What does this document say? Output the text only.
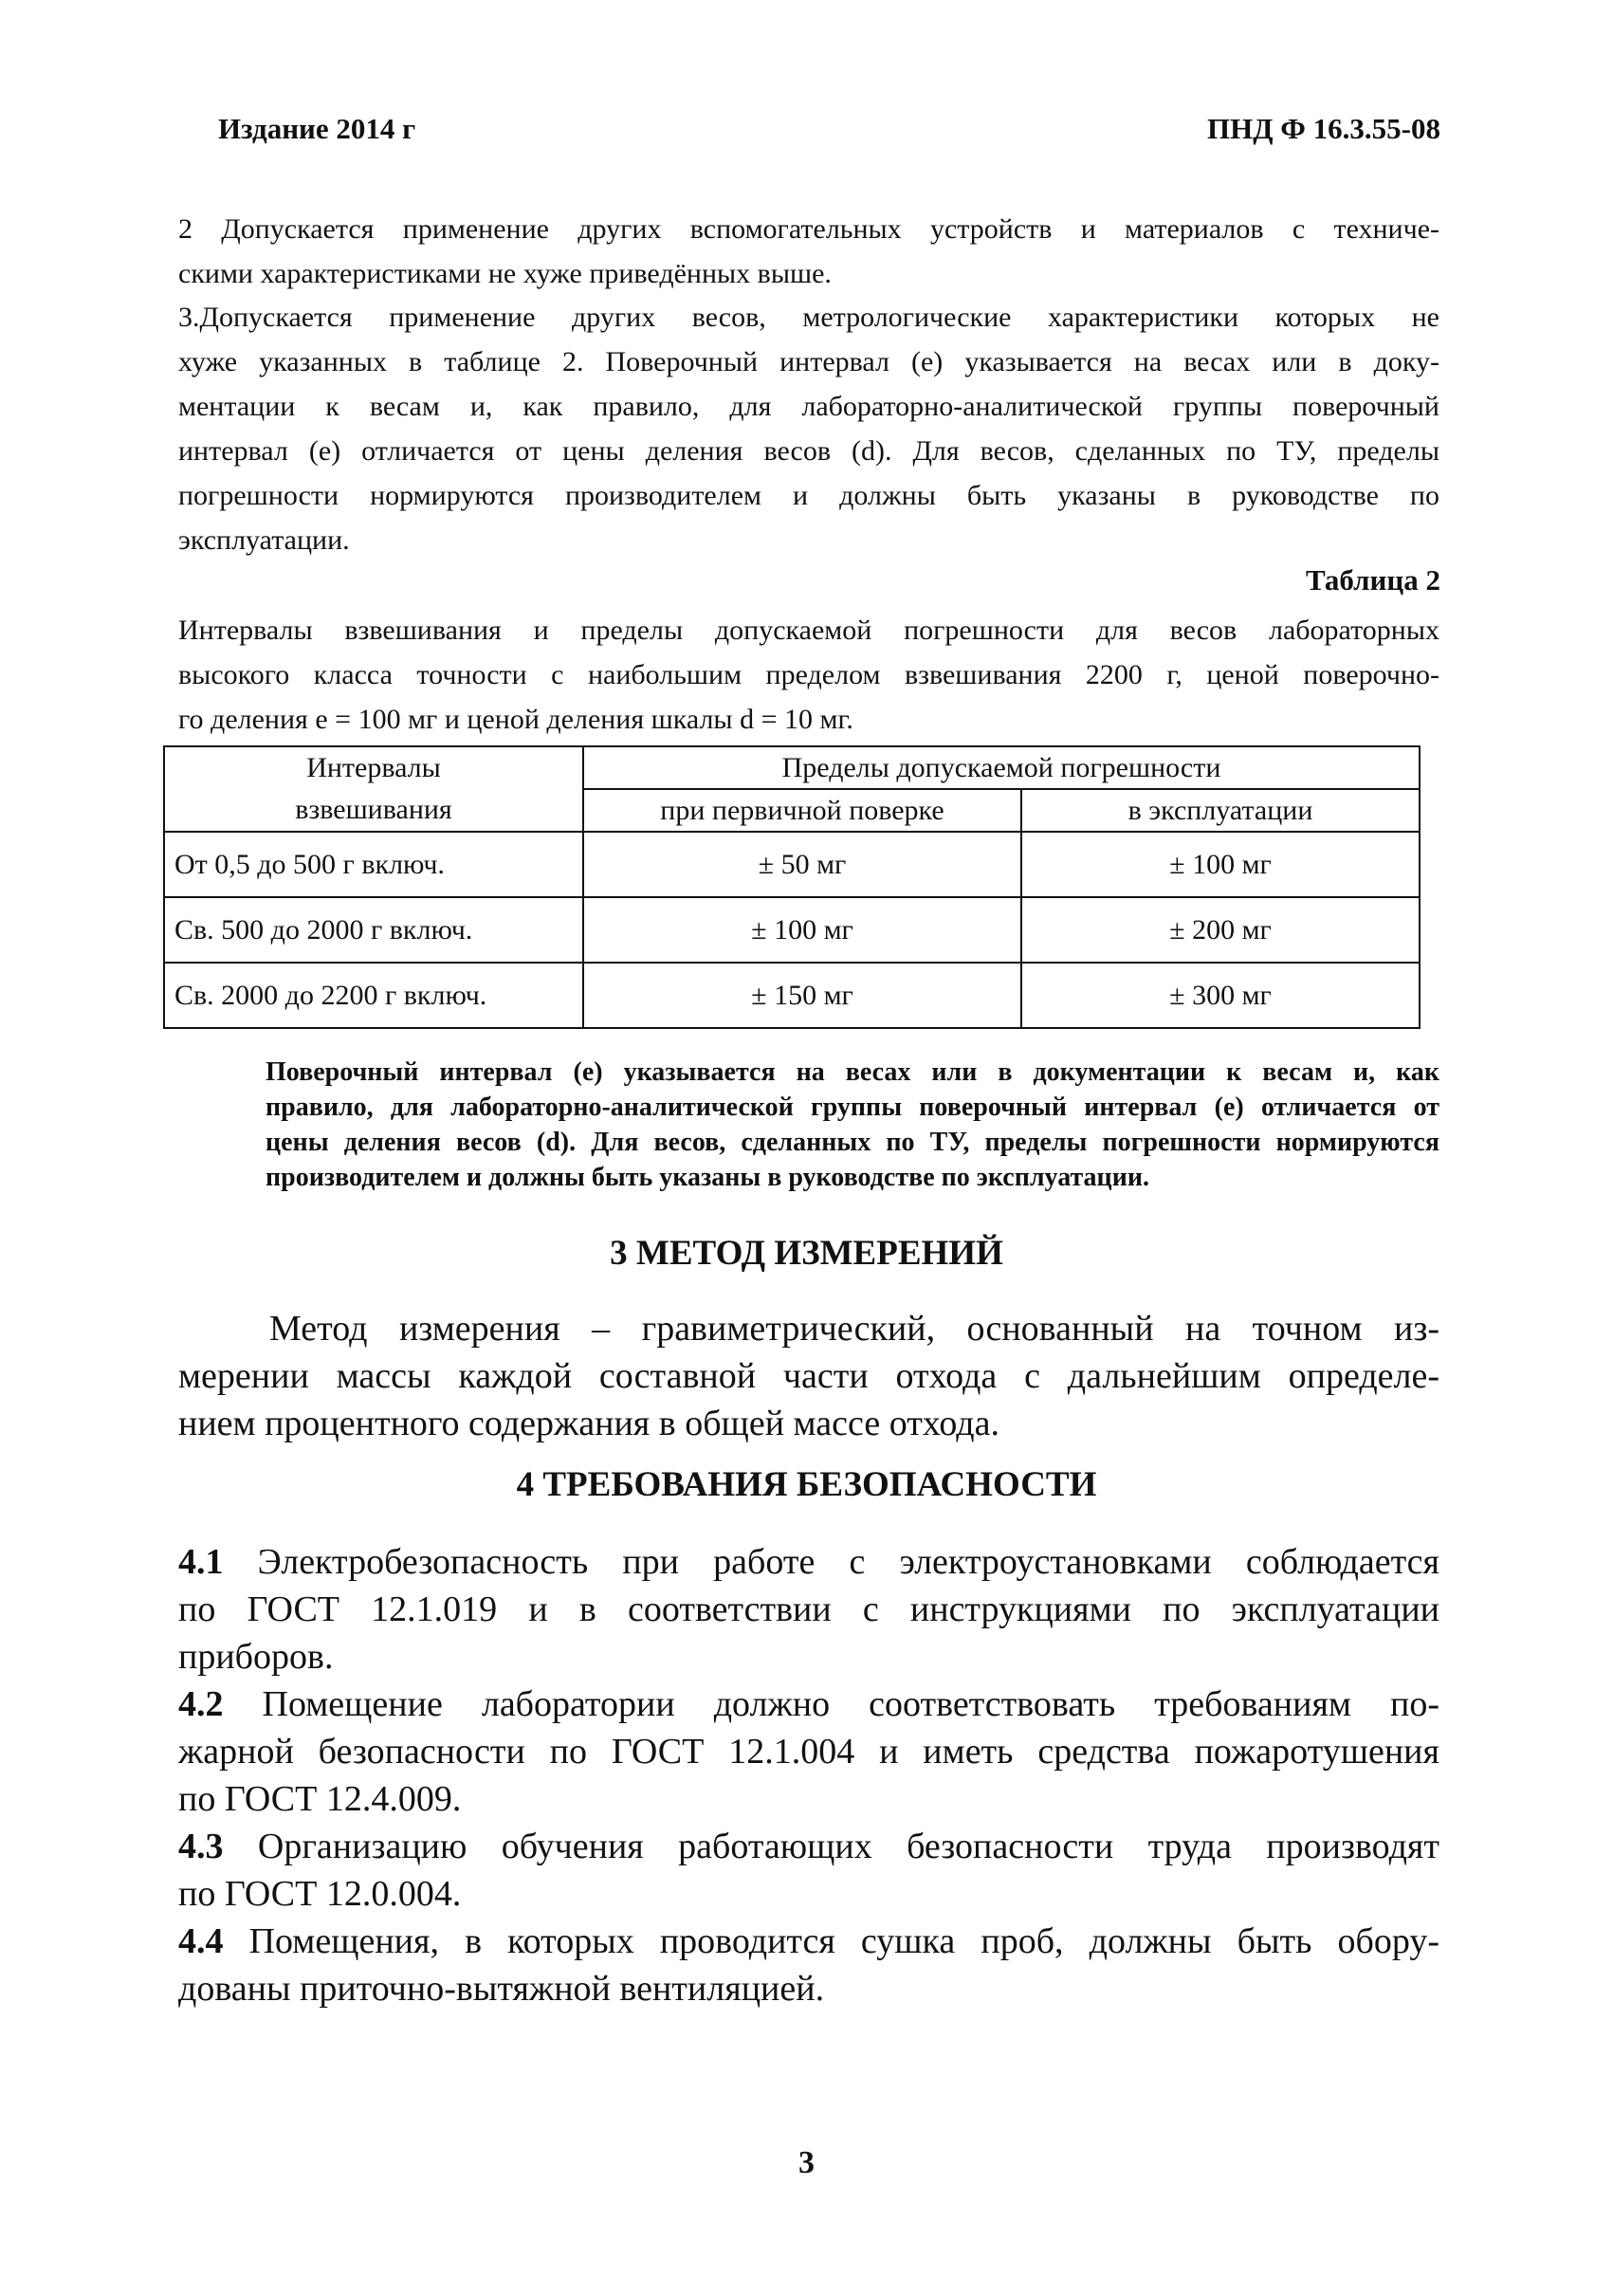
Издание 2014 г	ПНД Ф 16.3.55-08
2 Допускается применение других вспомогательных устройств и материалов с техниче-
скими характеристиками не хуже приведённых выше.
3.Допускается применение других весов, метрологические характеристики которых не
хуже указанных в таблице 2. Поверочный интервал (е) указывается на весах или в доку-
ментации к весам и, как правило, для лабораторно-аналитической группы поверочный
интервал (е) отличается от цены деления весов (d). Для весов, сделанных по ТУ, пределы
погрешности нормируются производителем и должны быть указаны в руководстве по
эксплуатации.
Таблица 2
Интервалы взвешивания и пределы допускаемой погрешности для весов лабораторных
высокого класса точности с наибольшим пределом взвешивания 2200 г, ценой поверочно-
го деления е = 100 мг и ценой деления шкалы d = 10 мг.
Интервалы
взвешивания	Пределы допускаемой погрешности	
	при первичной поверке	в эксплуатации
От 0,5 до 500 г включ.	± 50 мг	± 100 мг
Св. 500 до 2000 г включ.	± 100 мг	± 200 мг
Св. 2000 до 2200 г включ.	± 150 мг	± 300 мг
Поверочный интервал (е) указывается на весах или в документации к весам и, как
правило, для лабораторно-аналитической группы поверочный интервал (е) отличается от
цены деления весов (d). Для весов, сделанных по ТУ, пределы погрешности нормируются
производителем и должны быть указаны в руководстве по эксплуатации.
3 МЕТОД ИЗМЕРЕНИЙ
Метод измерения – гравиметрический, основанный на точном из-
мерении массы каждой составной части отхода с дальнейшим определе-
нием процентного содержания в общей массе отхода.
4 ТРЕБОВАНИЯ БЕЗОПАСНОСТИ
4.1 Электробезопасность при работе с электроустановками соблюдается
по ГОСТ 12.1.019 и в соответствии с инструкциями по эксплуатации
приборов.
4.2 Помещение лаборатории должно соответствовать требованиям по-
жарной безопасности по ГОСТ 12.1.004 и иметь средства пожаротушения
по ГОСТ 12.4.009.
4.3 Организацию обучения работающих безопасности труда производят
по ГОСТ 12.0.004.
4.4 Помещения, в которых проводится сушка проб, должны быть обору-
дованы приточно-вытяжной вентиляцией.
3
